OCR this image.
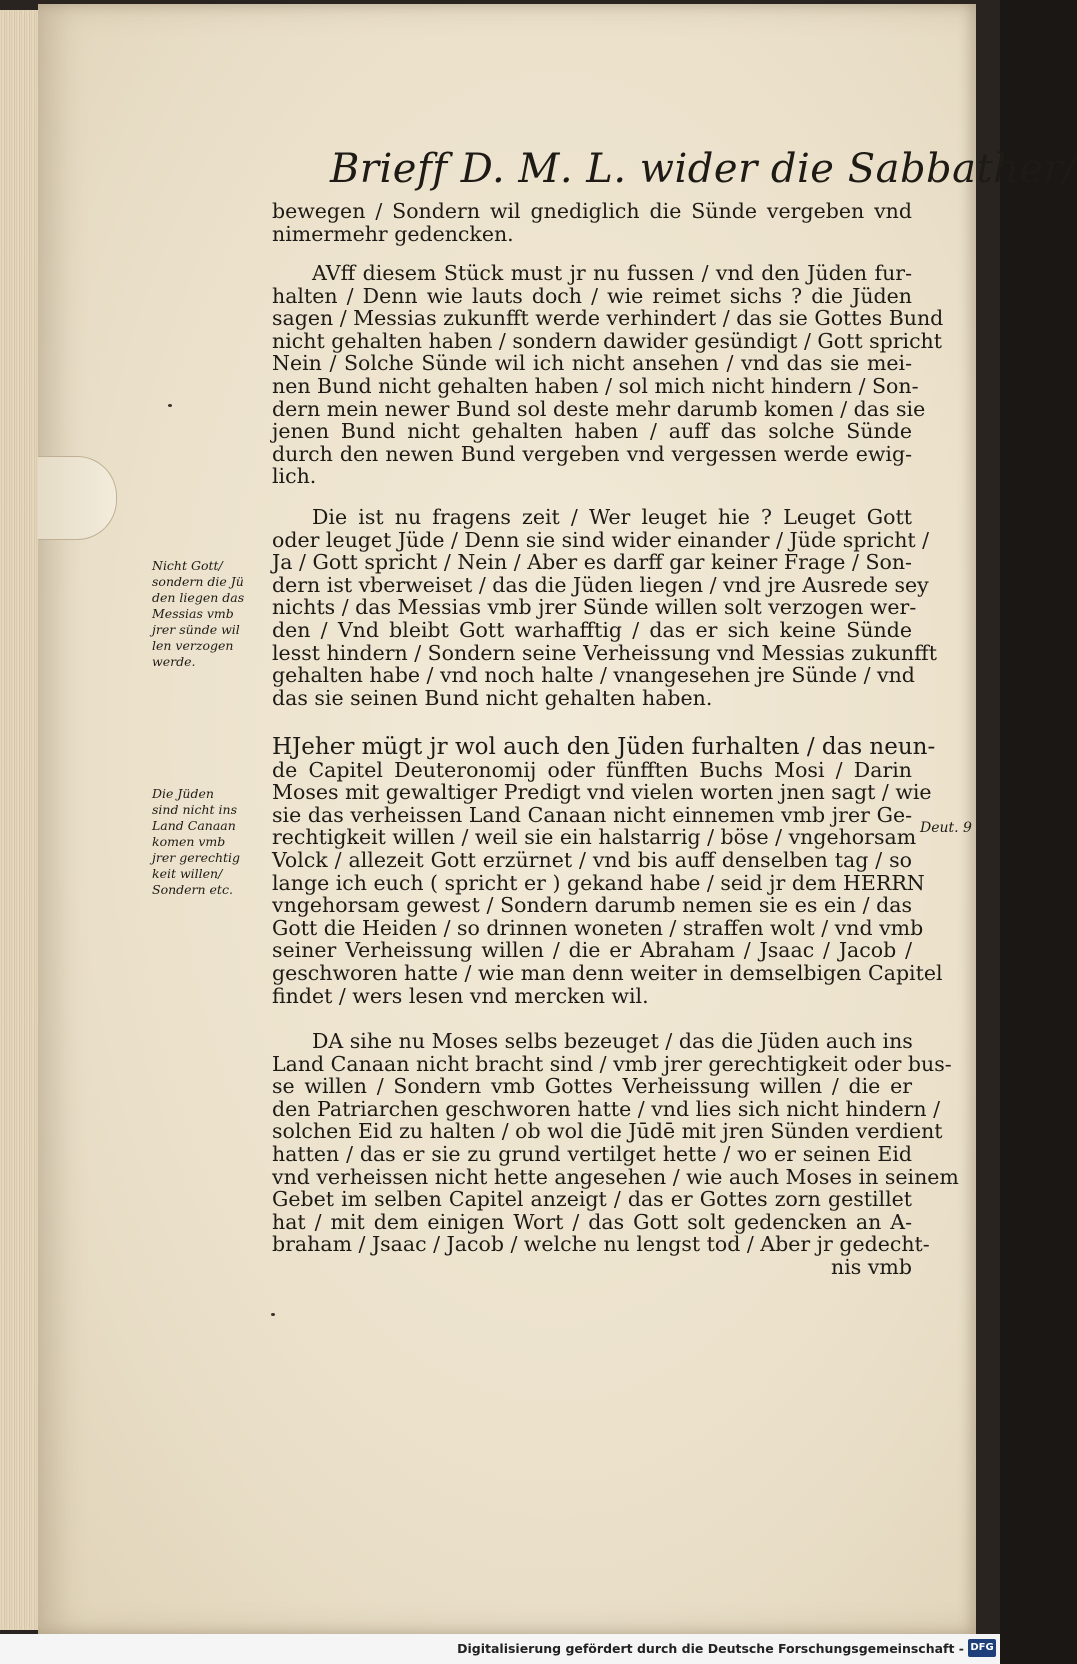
Brieff D. M. L. wider die Sabbather/
bewegen / Sondern wil gnediglich die Sünde vergeben vnd
nimermehr gedencken.
AVff diesem Stück must jr nu fussen / vnd den Jüden fur-
halten / Denn wie lauts doch / wie reimet sichs ? die Jüden
sagen / Messias zukunfft werde verhindert / das sie Gottes Bund
nicht gehalten haben / sondern dawider gesündigt / Gott spricht
Nein / Solche Sünde wil ich nicht ansehen / vnd das sie mei-
nen Bund nicht gehalten haben / sol mich nicht hindern / Son-
dern mein newer Bund sol deste mehr darumb komen / das sie
jenen Bund nicht gehalten haben / auff das solche Sünde
durch den newen Bund vergeben vnd vergessen werde ewig-
lich.
Die ist nu fragens zeit / Wer leuget hie ? Leuget Gott
oder leuget Jüde / Denn sie sind wider einander / Jüde spricht /
Ja / Gott spricht / Nein / Aber es darff gar keiner Frage / Son-
dern ist vberweiset / das die Jüden liegen / vnd jre Ausrede sey
nichts / das Messias vmb jrer Sünde willen solt verzogen wer-
den / Vnd bleibt Gott warhafftig / das er sich keine Sünde
lesst hindern / Sondern seine Verheissung vnd Messias zukunfft
gehalten habe / vnd noch halte / vnangesehen jre Sünde / vnd
das sie seinen Bund nicht gehalten haben.
HJeher mügt jr wol auch den Jüden furhalten / das neun-
de Capitel Deuteronomij oder fünfften Buchs Mosi / Darin
Moses mit gewaltiger Predigt vnd vielen worten jnen sagt / wie
sie das verheissen Land Canaan nicht einnemen vmb jrer Ge-
rechtigkeit willen / weil sie ein halstarrig / böse / vngehorsam
Volck / allezeit Gott erzürnet / vnd bis auff denselben tag / so
lange ich euch ( spricht er ) gekand habe / seid jr dem HERRN
vngehorsam gewest / Sondern darumb nemen sie es ein / das
Gott die Heiden / so drinnen woneten / straffen wolt / vnd vmb
seiner Verheissung willen / die er Abraham / Jsaac / Jacob /
geschworen hatte / wie man denn weiter in demselbigen Capitel
findet / wers lesen vnd mercken wil.
DA sihe nu Moses selbs bezeuget / das die Jüden auch ins
Land Canaan nicht bracht sind / vmb jrer gerechtigkeit oder bus-
se willen / Sondern vmb Gottes Verheissung willen / die er
den Patriarchen geschworen hatte / vnd lies sich nicht hindern /
solchen Eid zu halten / ob wol die Jūdē mit jren Sünden verdient
hatten / das er sie zu grund vertilget hette / wo er seinen Eid
vnd verheissen nicht hette angesehen / wie auch Moses in seinem
Gebet im selben Capitel anzeigt / das er Gottes zorn gestillet
hat / mit dem einigen Wort / das Gott solt gedencken an A-
braham / Jsaac / Jacob / welche nu lengst tod / Aber jr gedecht-
nis vmb
Nicht Gott/
sondern die Jü
den liegen das
Messias vmb
jrer sünde wil
len verzogen
werde.
Die Jüden
sind nicht ins
Land Canaan
komen vmb
jrer gerechtig
keit willen/
Sondern etc.
Deut. 9
Digitalisierung gefördert durch die Deutsche Forschungsgemeinschaft - DFG
